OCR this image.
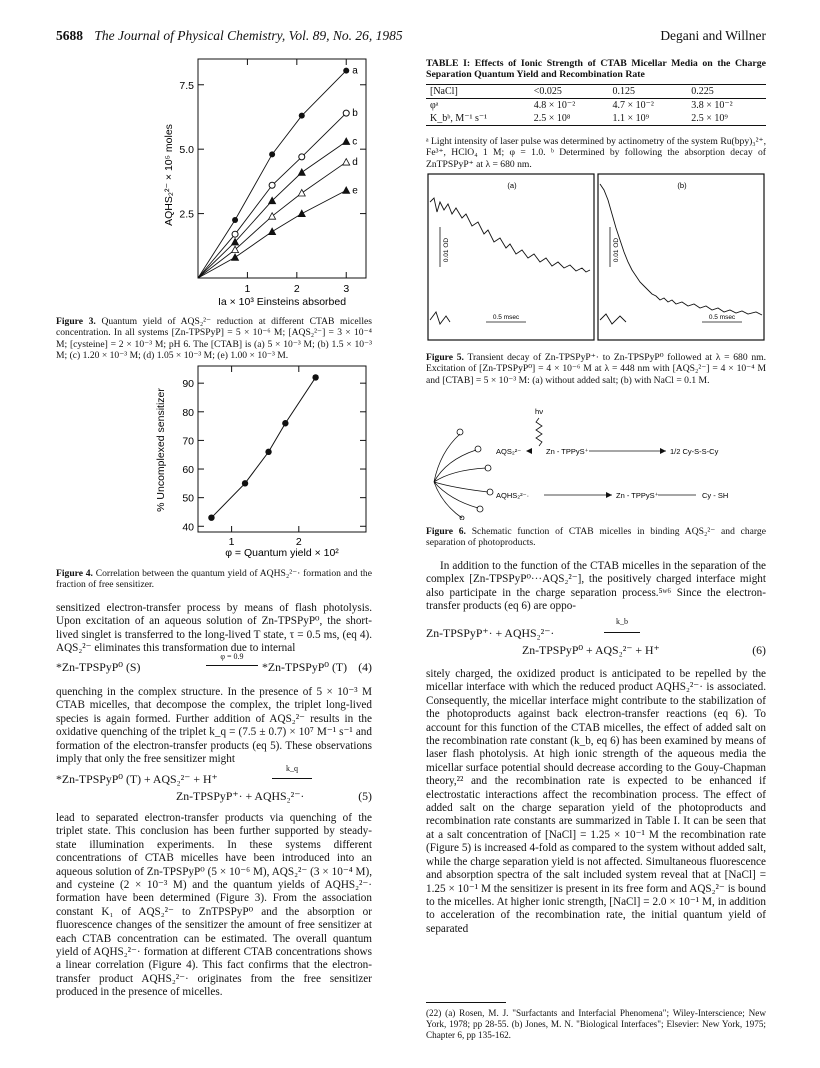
5688 The Journal of Physical Chemistry, Vol. 89, No. 26, 1985	Degani and Willner
7.5
5.0
2.5
1	2	3
a
b
c
d
e
AQHS₂²⁻ × 10⁵ moles
Ia × 10³ Einsteins absorbed
Figure 3. Quantum yield of AQS₂²⁻ reduction at different CTAB micelles concentration. In all systems [Zn-TPSPyP] = 5 × 10⁻⁶ M; [AQS₂²⁻] = 3 × 10⁻⁴ M; [cysteine] = 2 × 10⁻³ M; pH 6. The [CTAB] is (a) 5 × 10⁻³ M; (b) 1.5 × 10⁻³ M; (c) 1.20 × 10⁻³ M; (d) 1.05 × 10⁻³ M; (e) 1.00 × 10⁻³ M.
90
80
70
60
50
40
1	2
% Uncomplexed sensitizer
φ = Quantum yield × 10²
Figure 4. Correlation between the quantum yield of AQHS₂²⁻· formation and the fraction of free sensitizer.
sensitized electron-transfer process by means of flash photolysis. Upon excitation of an aqueous solution of Zn-TPSPyP⁰, the short-lived singlet is transferred to the long-lived T state, τ = 0.5 ms, (eq 4). AQS₂²⁻ eliminates this transformation due to internal
*Zn-TPSPyP⁰ (S)
φ = 0.9
*Zn-TPSPyP⁰ (T) (4)
quenching in the complex structure. In the presence of 5 × 10⁻³ M CTAB micelles, that decompose the complex, the triplet long-lived species is again formed. Further addition of AQS₂²⁻ results in the oxidative quenching of the triplet k_q = (7.5 ± 0.7) × 10⁷ M⁻¹ s⁻¹ and formation of the electron-transfer products (eq 5). These observations imply that only the free sensitizer might
*Zn-TPSPyP⁰ (T) + AQS₂²⁻ + H⁺
k_q
Zn-TPSPyP⁺· + AQHS₂²⁻·	(5)
lead to separated electron-transfer products via quenching of the triplet state. This conclusion has been further supported by steady-state illumination experiments. In these systems different concentrations of CTAB micelles have been introduced into an aqueous solution of Zn-TPSPyP⁰ (5 × 10⁻⁶ M), AQS₂²⁻ (3 × 10⁻⁴ M), and cysteine (2 × 10⁻³ M) and the quantum yields of AQHS₂²⁻· formation have been determined (Figure 3). From the association constant K₁ of AQS₂²⁻ to ZnTPSPyP⁰ and the absorption or fluorescence changes of the sensitizer the amount of free sensitizer at each CTAB concentration can be estimated. The overall quantum yield of AQHS₂²⁻· formation at different CTAB concentrations shows a linear correlation (Figure 4). This fact confirms that the electron-transfer product AQHS₂²⁻· originates from the free sensitizer produced in the presence of micelles.
TABLE I: Effects of Ionic Strength of CTAB Micellar Media on the Charge Separation Quantum Yield and Recombination Rate
[NaCl]	<0.025	0.125	0.225
φᵃ	4.8 × 10⁻²	4.7 × 10⁻²	3.8 × 10⁻²
K_bᵇ, M⁻¹ s⁻¹	2.5 × 10⁸	1.1 × 10⁹	2.5 × 10⁹
ᵃ Light intensity of laser pulse was determined by actinometry of the system Ru(bpy)₃²⁺, Fe³⁺, HClO₄ 1 M; φ = 1.0. ᵇ Determined by following the absorption decay of ZnTPSPyP⁺ at λ = 680 nm.
(a)
0.01 OD
0.5 msec
(b)
0.01 OD
0.5 msec
Figure 5. Transient decay of Zn-TPSPyP⁺· to Zn-TPSPyP⁰ followed at λ = 680 nm. Excitation of [Zn-TPSPyP⁰] = 4 × 10⁻⁶ M at λ = 448 nm with [AQS₂²⁻] = 4 × 10⁻⁴ M and [CTAB] = 5 × 10⁻³ M: (a) without added salt; (b) with NaCl = 0.1 M.
hν
AQS₂²⁻	Zn - TPPyS⁺	1/2 Cy-S-S-Cy
AQHS₂²⁻·	Zn - TPPyS⁺	Cy - SH
Figure 6. Schematic function of CTAB micelles in binding AQS₂²⁻ and charge separation of photoproducts.
In addition to the function of the CTAB micelles in the separation of the complex [Zn-TPSPyP⁰···AQS₂²⁻], the positively charged interface might also participate in the charge separation process.⁵ʷ⁶ Since the electron-transfer products (eq 6) are oppo-
Zn-TPSPyP⁺· + AQHS₂²⁻·
k_b
Zn-TPSPyP⁰ + AQS₂²⁻ + H⁺	(6)
sitely charged, the oxidized product is anticipated to be repelled by the micellar interface with which the reduced product AQHS₂²⁻· is associated. Consequently, the micellar interface might contribute to the stabilization of the photoproducts against back electron-transfer reactions (eq 6). To account for this function of the CTAB micelles, the effect of added salt on the recombination rate constant (k_b, eq 6) has been examined by means of laser flash photolysis. At high ionic strength of the aqueous media the micellar surface potential should decrease according to the Gouy-Chapman theory,²² and the recombination rate is expected to be enhanced if electrostatic interactions affect the recombination process. The effect of added salt on the charge separation yield of the photoproducts and recombination rate constants are summarized in Table I. It can be seen that at a salt concentration of [NaCl] = 1.25 × 10⁻¹ M the recombination rate (Figure 5) is increased 4-fold as compared to the system without added salt, while the charge separation yield is not affected. Simultaneous fluorescence and absorption spectra of the salt included system reveal that at [NaCl] = 1.25 × 10⁻¹ M the sensitizer is present in its free form and AQS₂²⁻ is bound to the micelles. At higher ionic strength, [NaCl] = 2.0 × 10⁻¹ M, in addition to acceleration of the recombination rate, the initial quantum yield of separated
(22) (a) Rosen, M. J. "Surfactants and Interfacial Phenomena"; Wiley-Interscience; New York, 1978; pp 28-55. (b) Jones, M. N. "Biological Interfaces"; Elsevier: New York, 1975; Chapter 6, pp 135-162.
